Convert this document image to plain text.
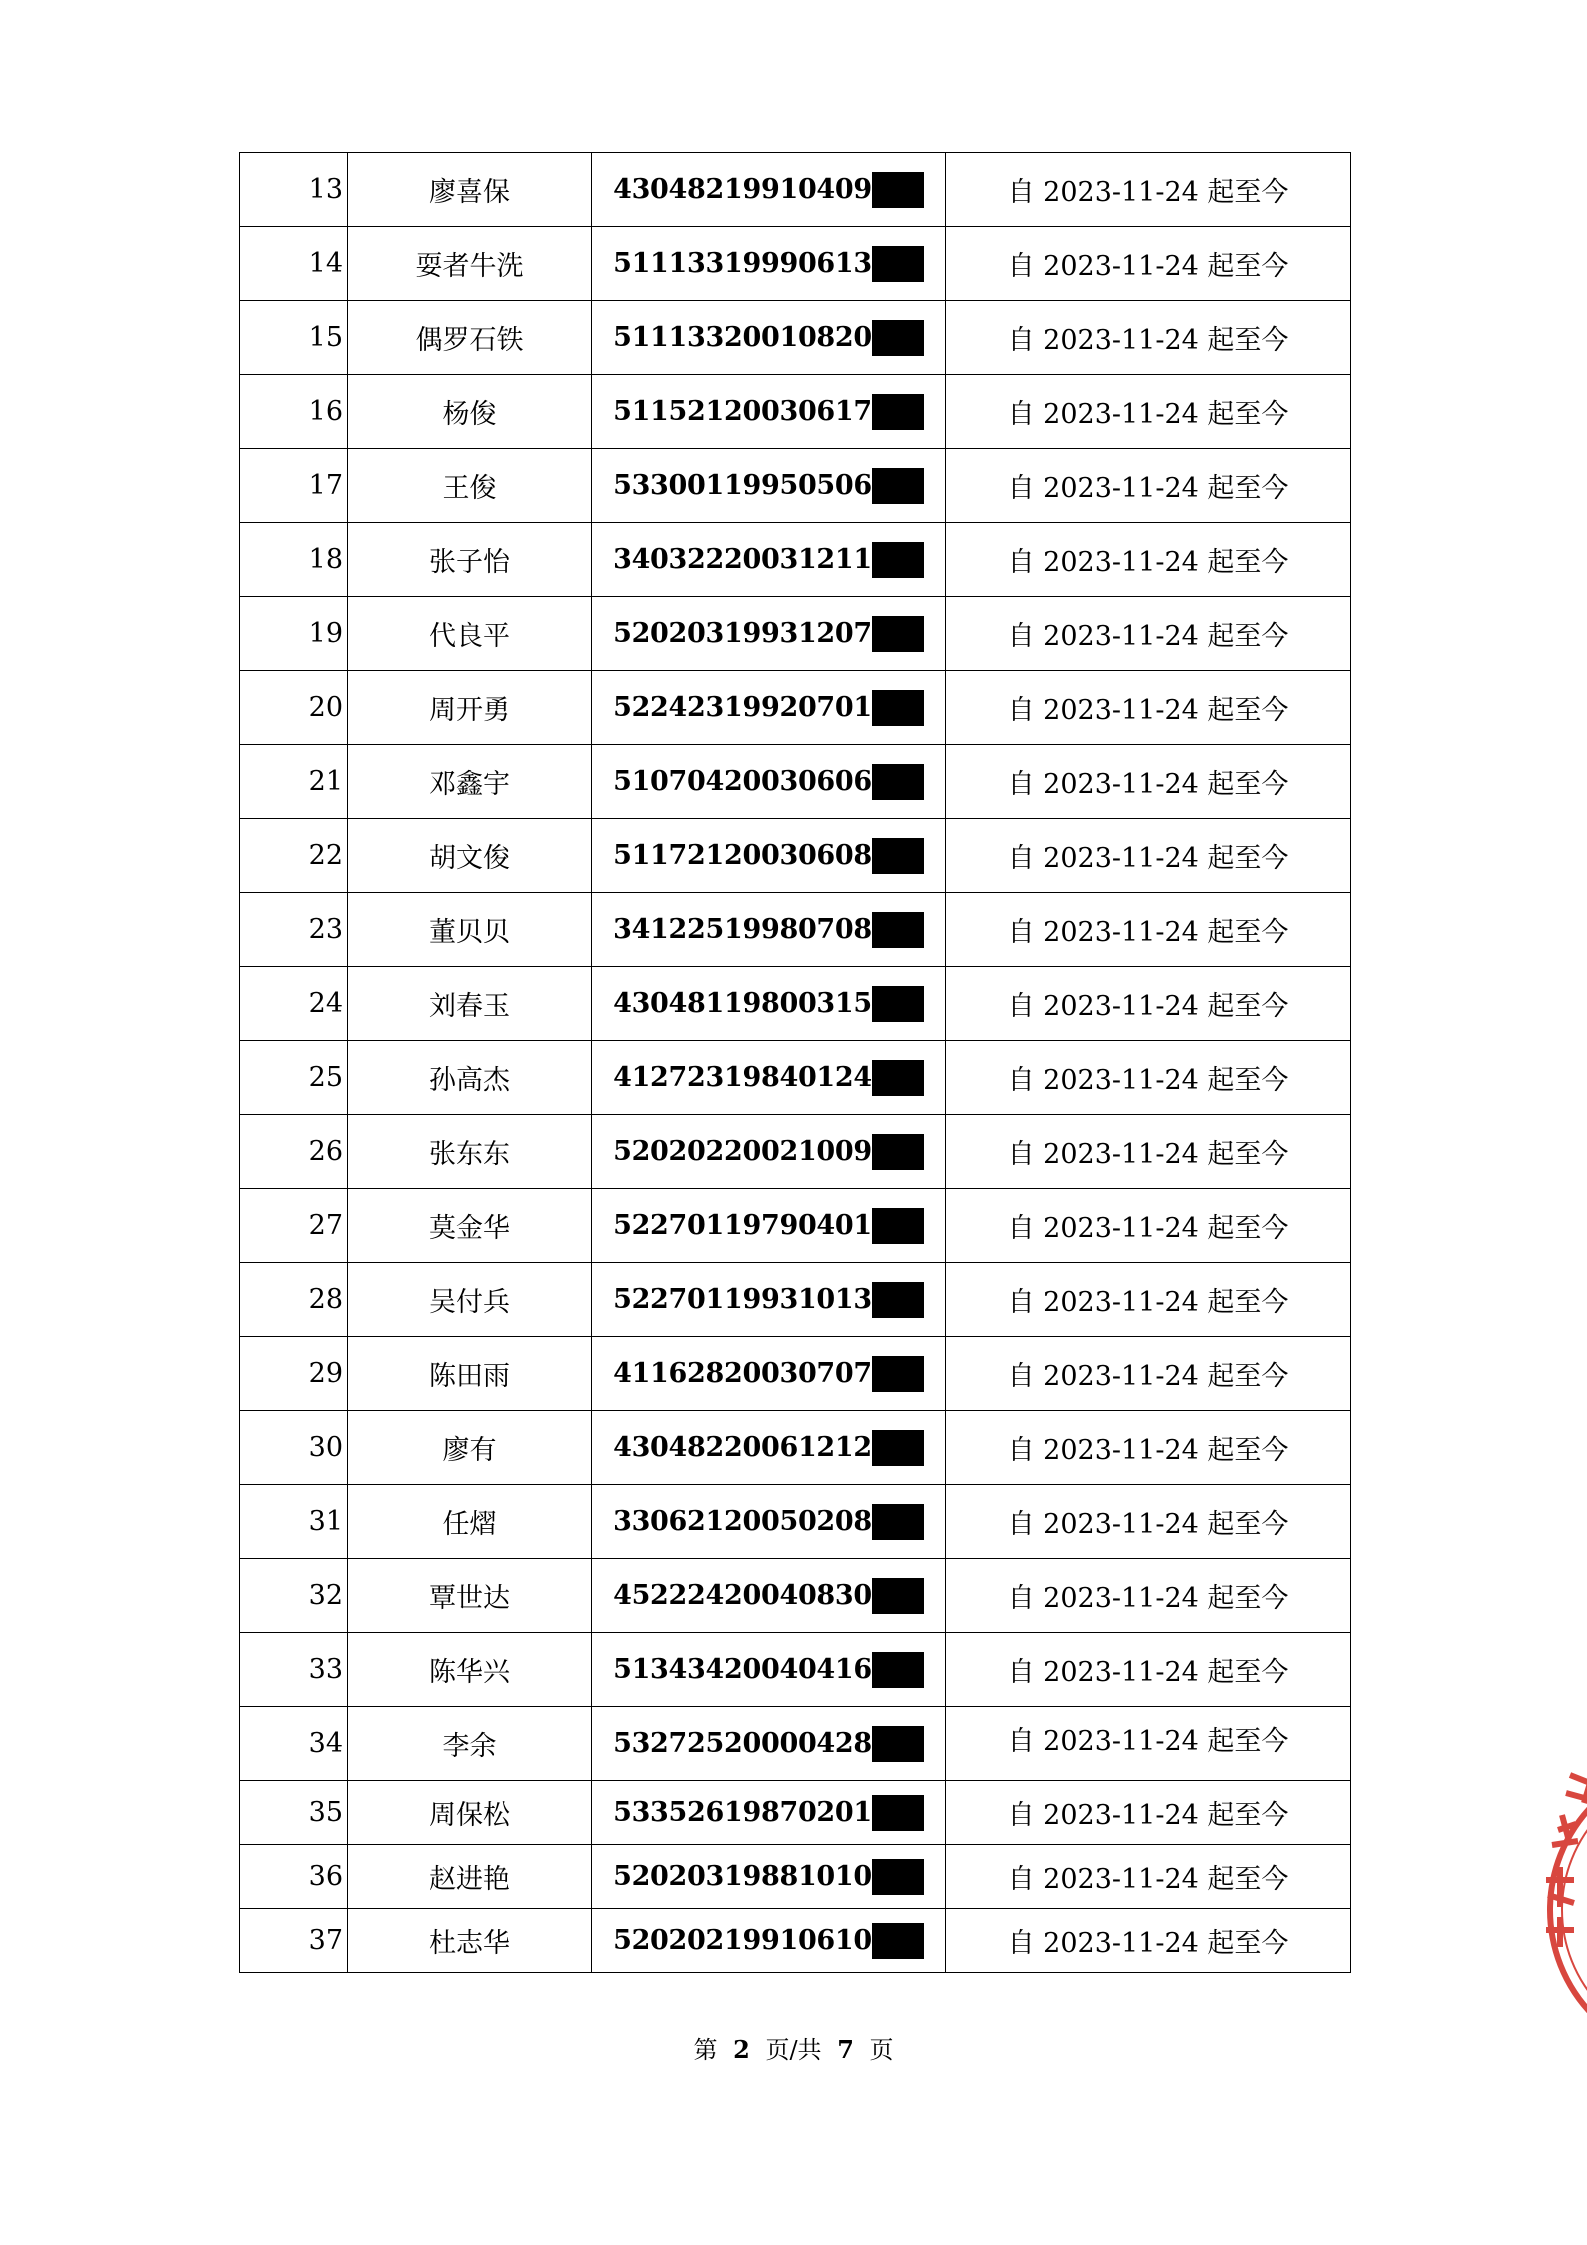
13	廖喜保	43048219910409	自 2023-11-24 起至今
14	耍者牛洗	51113319990613	自 2023-11-24 起至今
15	偶罗石铁	51113320010820	自 2023-11-24 起至今
16	杨俊	51152120030617	自 2023-11-24 起至今
17	王俊	53300119950506	自 2023-11-24 起至今
18	张子怡	34032220031211	自 2023-11-24 起至今
19	代良平	52020319931207	自 2023-11-24 起至今
20	周开勇	52242319920701	自 2023-11-24 起至今
21	邓鑫宇	51070420030606	自 2023-11-24 起至今
22	胡文俊	51172120030608	自 2023-11-24 起至今
23	董贝贝	34122519980708	自 2023-11-24 起至今
24	刘春玉	43048119800315	自 2023-11-24 起至今
25	孙高杰	41272319840124	自 2023-11-24 起至今
26	张东东	52020220021009	自 2023-11-24 起至今
27	莫金华	52270119790401	自 2023-11-24 起至今
28	吴付兵	52270119931013	自 2023-11-24 起至今
29	陈田雨	41162820030707	自 2023-11-24 起至今
30	廖有	43048220061212	自 2023-11-24 起至今
31	任熠	33062120050208	自 2023-11-24 起至今
32	覃世达	45222420040830	自 2023-11-24 起至今
33	陈华兴	51343420040416	自 2023-11-24 起至今
34	李余	53272520000428	自 2023-11-24 起至今
35	周保松	53352619870201	自 2023-11-24 起至今
36	赵进艳	52020319881010	自 2023-11-24 起至今
37	杜志华	52020219910610	自 2023-11-24 起至今
第 2 页/共 7 页
